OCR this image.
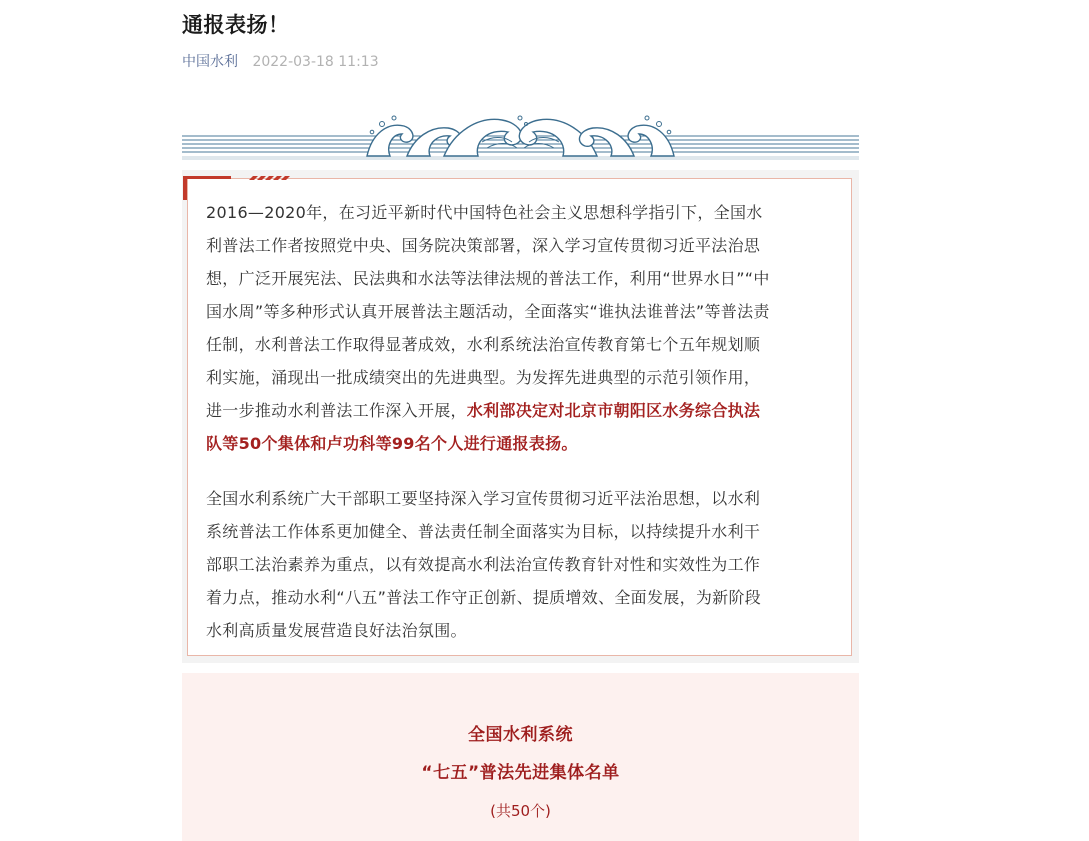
通报表扬！
中国水利 2022-03-18 11:13
2016—2020年，在习近平新时代中国特色社会主义思想科学指引下，全国水
利普法工作者按照党中央、国务院决策部署，深入学习宣传贯彻习近平法治思
想，广泛开展宪法、民法典和水法等法律法规的普法工作，利用“世界水日”“中
国水周”等多种形式认真开展普法主题活动，全面落实“谁执法谁普法”等普法责
任制，水利普法工作取得显著成效，水利系统法治宣传教育第七个五年规划顺
利实施，涌现出一批成绩突出的先进典型。为发挥先进典型的示范引领作用，
进一步推动水利普法工作深入开展，水利部决定对北京市朝阳区水务综合执法
队等50个集体和卢功科等99名个人进行通报表扬。
全国水利系统广大干部职工要坚持深入学习宣传贯彻习近平法治思想，以水利
系统普法工作体系更加健全、普法责任制全面落实为目标，以持续提升水利干
部职工法治素养为重点，以有效提高水利法治宣传教育针对性和实效性为工作
着力点，推动水利“八五”普法工作守正创新、提质增效、全面发展，为新阶段
水利高质量发展营造良好法治氛围。
全国水利系统
“七五”普法先进集体名单
(共50个)
